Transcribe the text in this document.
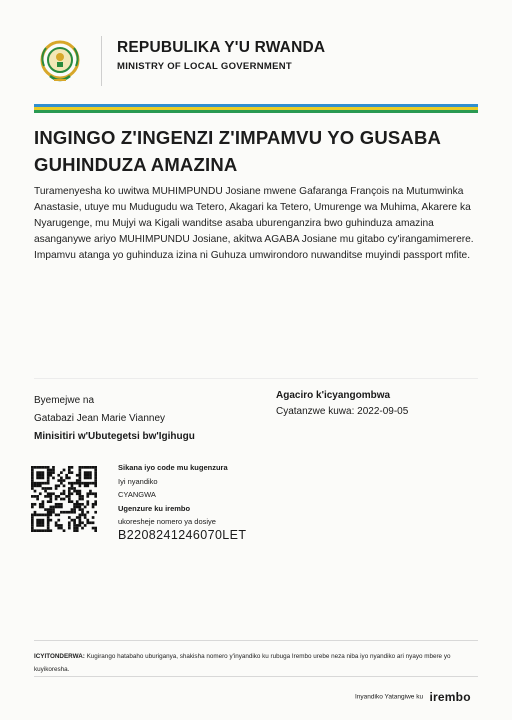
REPUBULIKA Y'U RWANDA
MINISTRY OF LOCAL GOVERNMENT
INGINGO Z'INGENZI Z'IMPAMVU YO GUSABA GUHINDUZA AMAZINA
Turamenyesha ko uwitwa MUHIMPUNDU Josiane mwene Gafaranga François na Mutumwinka Anastasie, utuye mu Mudugudu wa Tetero, Akagari ka Tetero, Umurenge wa Muhima, Akarere ka Nyarugenge, mu Mujyi wa Kigali wanditse asaba uburenganzira bwo guhinduza amazina asanganywe ariyo MUHIMPUNDU Josiane, akitwa AGABA Josiane mu gitabo cy'irangamimerere.
Impamvu atanga yo guhinduza izina ni Guhuza umwirondoro nuwanditse muyindi passport mfite.
Byemejwe na
Gatabazi Jean Marie Vianney
Minisitiri w'Ubutegetsi bw'Igihugu
Agaciro k'icyangombwa
Cyatanzwe kuwa: 2022-09-05
Sikana iyo code mu kugenzura
Iyi nyandiko
CYANGWA
Ugenzure ku irembo
ukoresheje nomero ya dosiye
B2208241246070LET
ICYITONDERWA: Kugirango hatabaho uburiganya, shakisha nomero y'inyandiko ku rubuga Irembo urebe neza niba iyo nyandiko ari nyayo mbere yo kuyikoresha.
Inyandiko Yatangiwe ku irembo
